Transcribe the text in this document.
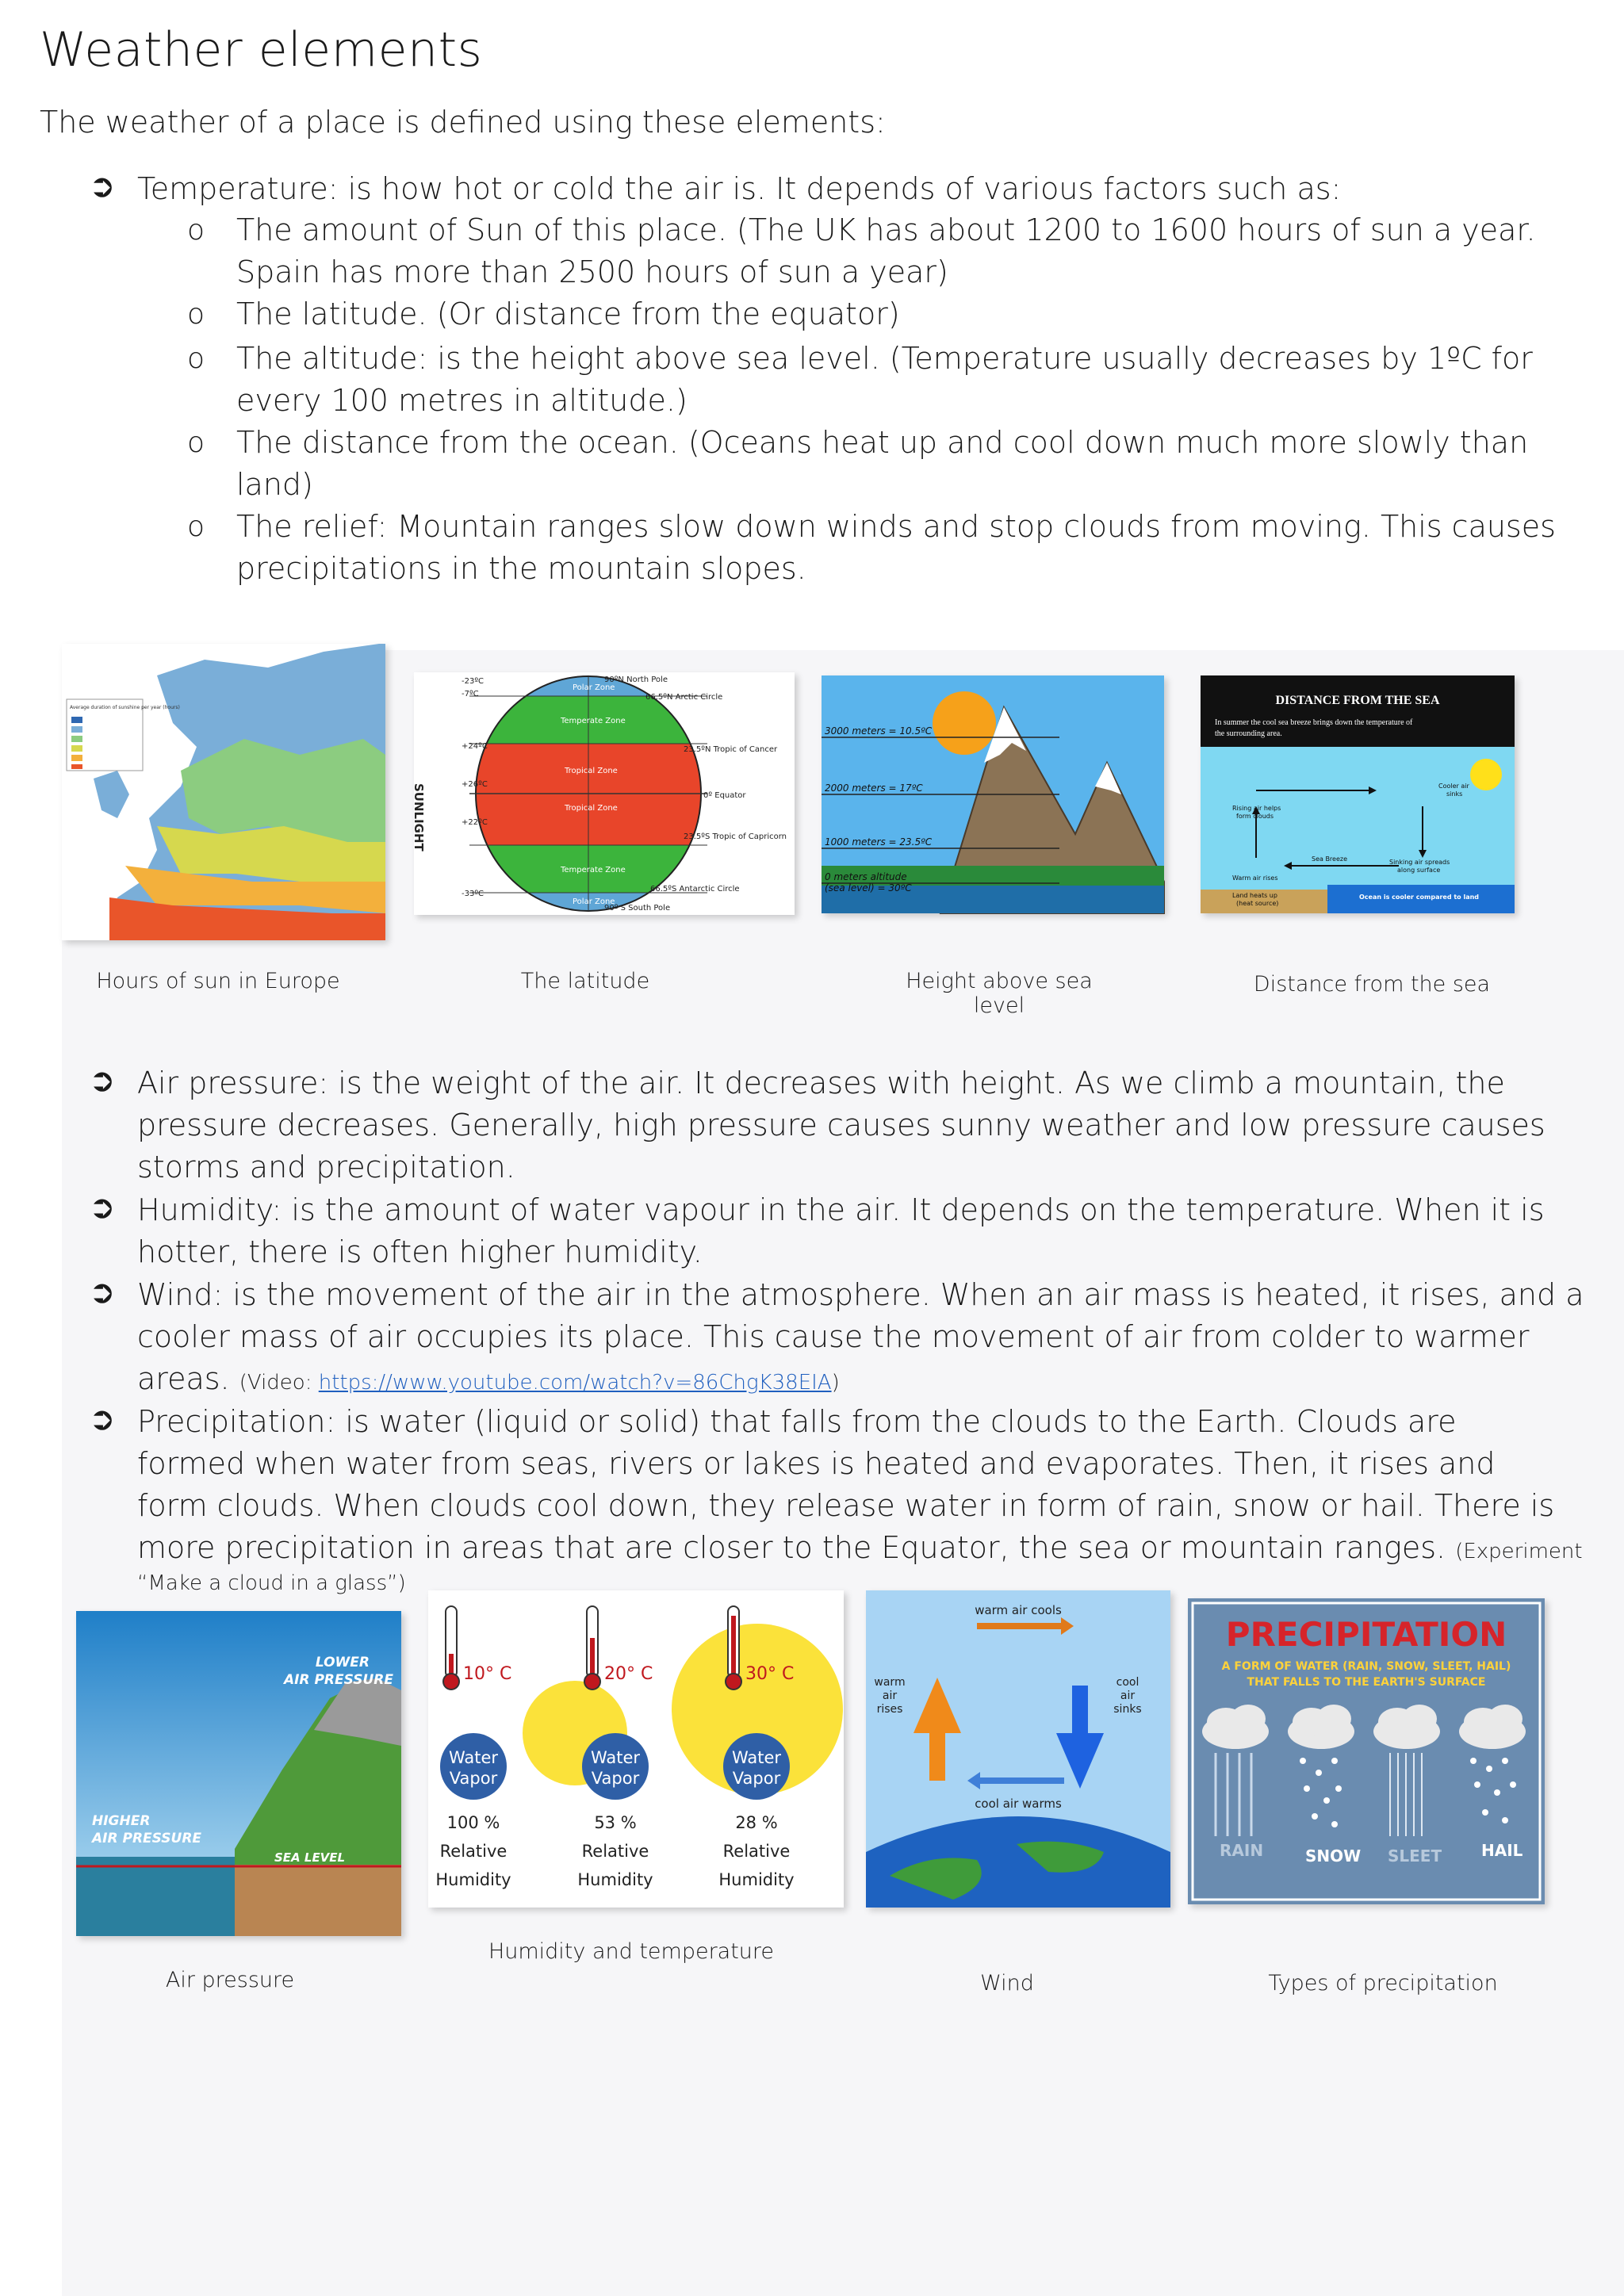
Weather elements
The weather of a place is defined using these elements:
➲ Temperature: is how hot or cold the air is. It depends of various factors such as:
o The amount of Sun of this place. (The UK has about 1200 to 1600 hours of sun a year.
Spain has more than 2500 hours of sun a year)
o The latitude. (Or distance from the equator)
o The altitude: is the height above sea level. (Temperature usually decreases by 1ºC for
every 100 metres in altitude.)
o The distance from the ocean. (Oceans heat up and cool down much more slowly than
land)
o The relief: Mountain ranges slow down winds and stop clouds from moving. This causes
precipitations in the mountain slopes.
Average duration of sunshine per year (hours)
SUNLIGHT
-23ºC
-7ºC
+24ºC
+26ºC
+22ºC
-33ºC
Polar Zone
Temperate Zone
Tropical Zone
Tropical Zone
Temperate Zone
Polar Zone
90ºN North Pole
66.5ºN Arctic Circle
23.5ºN Tropic of Cancer
0º Equator
23.5ºS Tropic of Capricorn
66.5ºS Antarctic Circle
90º S South Pole
3000 meters = 10.5ºC
2000 meters = 17ºC
1000 meters = 23.5ºC
0 meters altitude
(sea level) = 30ºC
DISTANCE FROM THE SEA
In summer the cool sea breeze brings down the temperature of
the surrounding area.
Rising air helps
form clouds
Cooler air
sinks
Sea Breeze
Warm air rises
Sinking air spreads
along surface
Land heats up
(heat source)
Ocean is cooler compared to land
Hours of sun in Europe	The latitude	Height above sea level
Distance from the sea
➲ Air pressure: is the weight of the air. It decreases with height. As we climb a mountain, the
pressure decreases. Generally, high pressure causes sunny weather and low pressure causes
storms and precipitation.
➲ Humidity: is the amount of water vapour in the air. It depends on the temperature. When it is
hotter, there is often higher humidity.
➲ Wind: is the movement of the air in the atmosphere. When an air mass is heated, it rises, and a
cooler mass of air occupies its place. This cause the movement of air from colder to warmer
areas. (Video: https://www.youtube.com/watch?v=86ChgK38EIA)
➲ Precipitation: is water (liquid or solid) that falls from the clouds to the Earth. Clouds are
formed when water from seas, rivers or lakes is heated and evaporates. Then, it rises and
form clouds. When clouds cool down, they release water in form of rain, snow or hail. There is
more precipitation in areas that are closer to the Equator, the sea or mountain ranges. (Experiment
“Make a cloud in a glass”)
LOWER
AIR PRESSURE
HIGHER
AIR PRESSURE
SEA LEVEL
10° C	20° C	30° C
Water
Vapor
Water
Vapor
Water
Vapor
100 %
Relative
Humidity
53 %
Relative
Humidity
28 %
Relative
Humidity
warm air cools
warm
air
rises
cool
air
sinks
cool air warms
PRECIPITATION
A FORM OF WATER (RAIN, SNOW, SLEET, HAIL)
THAT FALLS TO THE EARTH'S SURFACE
RAIN	SNOW SLEET HAIL
Air pressure
Humidity and temperature
Wind	Types of precipitation
